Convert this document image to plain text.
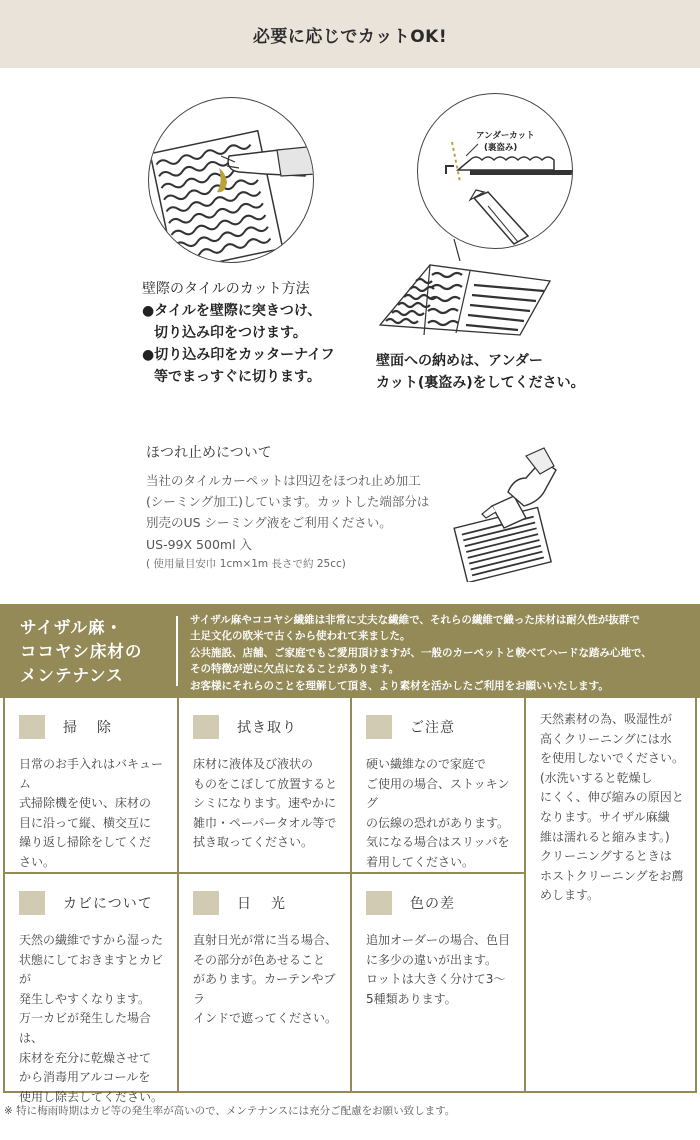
必要に応じでカットOK!
アンダーカット
(裏盗み)
壁際のタイルのカット方法
●タイルを壁際に突きつけ、
切り込み印をつけます。
●切り込み印をカッターナイフ
等でまっすぐに切ります。
壁面への納めは、アンダー
カット(裏盗み)をしてください。
ほつれ止めについて
当社のタイルカーペットは四辺をほつれ止め加工
(シーミング加工)しています。カットした端部分は
別売のUS シーミング液をご利用ください。
US-99X 500ml 入
( 使用量目安巾 1cm×1m 長さで約 25cc)
サイザル麻・
ココヤシ床材の
メンテナンス
サイザル麻やココヤシ繊維は非常に丈夫な繊維で、それらの繊維で織った床材は耐久性が抜群で
土足文化の欧米で古くから使われて来ました。
公共施設、店舗、ご家庭でもご愛用頂けますが、一般のカーペットと較べてハードな踏み心地で、
その特徴が逆に欠点になることがあります。
お客様にそれらのことを理解して頂き、より素材を活かしたご利用をお願いいたします。
掃　除
日常のお手入れはバキューム
式掃除機を使い、床材の
目に沿って縦、横交互に
繰り返し掃除をしてくだ
さい。
拭き取り
床材に液体及び液状の
ものをこぼして放置すると
シミになります。速やかに
雑巾・ペーパータオル等で
拭き取ってください。
ご注意
硬い繊維なので家庭で
ご使用の場合、ストッキング
の伝線の恐れがあります。
気になる場合はスリッパを
着用してください。
カビについて
天然の繊維ですから湿った
状態にしておきますとカビが
発生しやすくなります。
万一カビが発生した場合は、
床材を充分に乾燥させて
から消毒用アルコールを
使用し除去してください。
日　光
直射日光が常に当る場合、
その部分が色あせること
があります。カーテンやブラ
インドで遮ってください。
色の差
追加オーダーの場合、色目
に多少の違いが出ます。
ロットは大きく分けて3～
5種類あります。
天然素材の為、吸湿性が
高くクリーニングには水
を使用しないでください。
(水洗いすると乾燥し
にくく、伸び縮みの原因と
なります。サイザル麻繊
維は濡れると縮みます。)
クリーニングするときは
ホストクリーニングをお薦
めします。
※ 特に梅雨時期はカビ等の発生率が高いので、メンテナンスには充分ご配慮をお願い致します。
